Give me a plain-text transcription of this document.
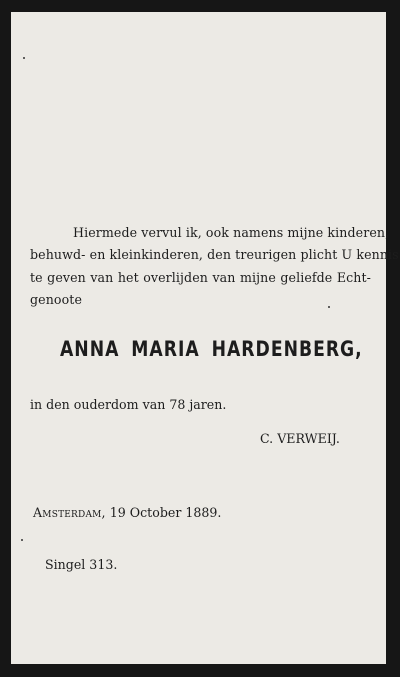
Hiermede vervul ik, ook namens mijne kinderen,
behuwd- en kleinkinderen, den treurigen plicht U kennis
te geven van het overlijden van mijne geliefde Echt-
genoote
ANNA MARIA HARDENBERG,
in den ouderdom van 78 jaren.
C. VERWEIJ.
Amsterdam, 19 October 1889.
Singel 313.
